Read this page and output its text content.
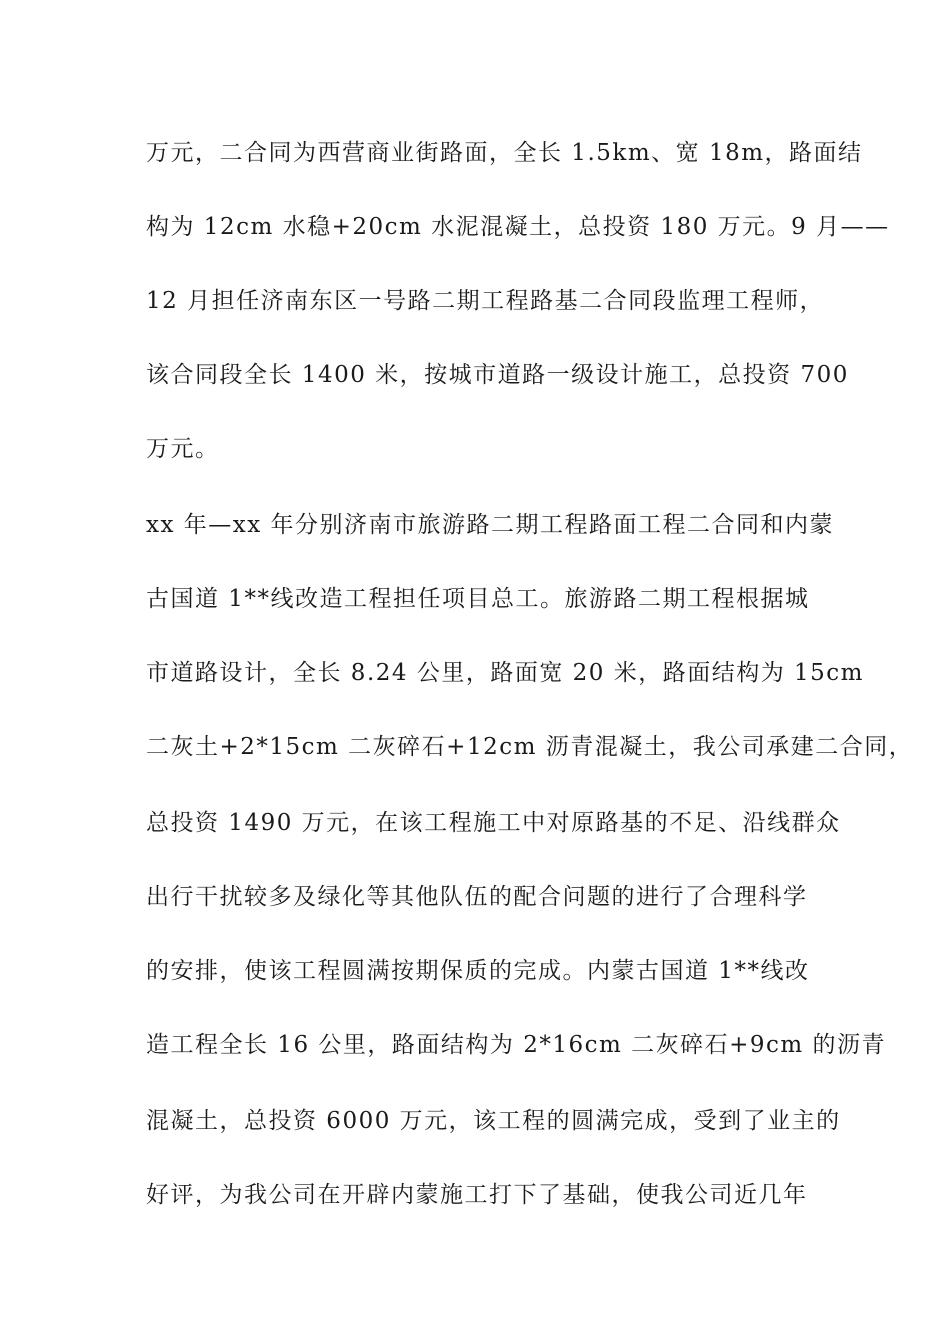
万元，二合同为西营商业街路面，全长 1.5km、宽 18m，路面结
构为 12cm 水稳+20cm 水泥混凝土，总投资 180 万元。9 月——
12 月担任济南东区一号路二期工程路基二合同段监理工程师，
该合同段全长 1400 米，按城市道路一级设计施工，总投资 700
万元。
xx 年—xx 年分别济南市旅游路二期工程路面工程二合同和内蒙
古国道 1**线改造工程担任项目总工。旅游路二期工程根据城
市道路设计，全长 8.24 公里，路面宽 20 米，路面结构为 15cm
二灰土+2*15cm 二灰碎石+12cm 沥青混凝土，我公司承建二合同，
总投资 1490 万元，在该工程施工中对原路基的不足、沿线群众
出行干扰较多及绿化等其他队伍的配合问题的进行了合理科学
的安排，使该工程圆满按期保质的完成。内蒙古国道 1**线改
造工程全长 16 公里，路面结构为 2*16cm 二灰碎石+9cm 的沥青
混凝土，总投资 6000 万元，该工程的圆满完成，受到了业主的
好评，为我公司在开辟内蒙施工打下了基础，使我公司近几年
